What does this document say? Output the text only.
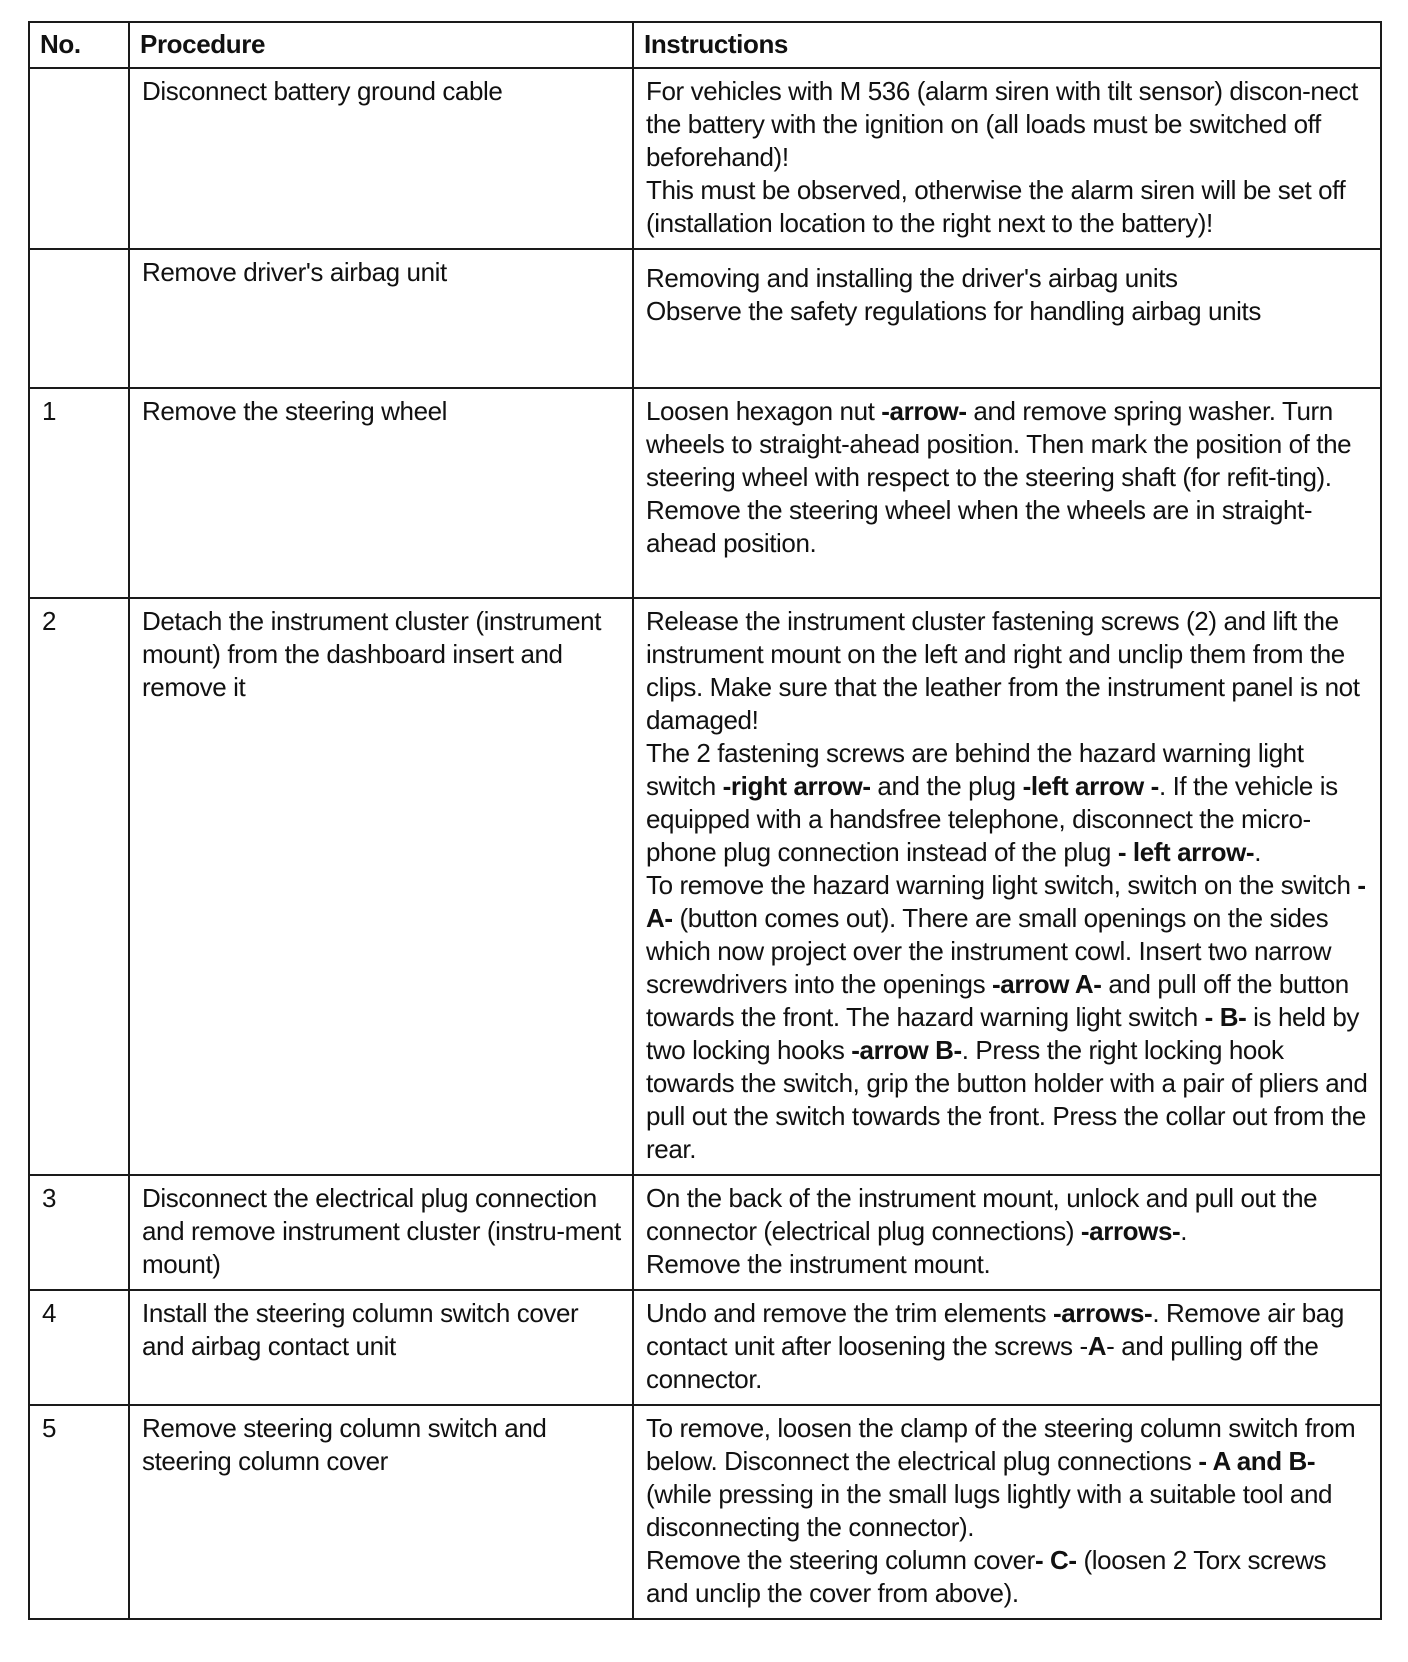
No.	Procedure	Instructions
	Disconnect battery ground cable	For vehicles with M 536 (alarm siren with tilt sensor) discon-nect the battery with the ignition on (all loads must be switched off beforehand)!
This must be observed, otherwise the alarm siren will be set off (installation location to the right next to the battery)!

	Remove driver's airbag unit	Removing and installing the driver's airbag units
Observe the safety regulations for handling airbag units

1	Remove the steering wheel	Loosen hexagon nut -arrow- and remove spring washer. Turn wheels to straight-ahead position. Then mark the position of the steering wheel with respect to the steering shaft (for refit-ting).
Remove the steering wheel when the wheels are in straight-ahead position.

2	Detach the instrument cluster (instrument mount) from the dashboard insert and remove it	Release the instrument cluster fastening screws (2) and lift the instrument mount on the left and right and unclip them from the clips. Make sure that the leather from the instrument panel is not damaged!
The 2 fastening screws are behind the hazard warning light switch -right arrow- and the plug -left arrow -. If the vehicle is equipped with a handsfree telephone, disconnect the micro-phone plug connection instead of the plug - left arrow-.
To remove the hazard warning light switch, switch on the switch -A- (button comes out). There are small openings on the sides which now project over the instrument cowl. Insert two narrow screwdrivers into the openings -arrow A- and pull off the button towards the front. The hazard warning light switch - B- is held by two locking hooks -arrow B-. Press the right locking hook towards the switch, grip the button holder with a pair of pliers and pull out the switch towards the front. Press the collar out from the rear.

3	Disconnect the electrical plug connection and remove instrument cluster (instru-ment mount)	On the back of the instrument mount, unlock and pull out the connector (electrical plug connections) -arrows-.
Remove the instrument mount.

4	Install the steering column switch cover and airbag contact unit	Undo and remove the trim elements -arrows-. Remove air bag contact unit after loosening the screws -A- and pulling off the connector.

5	Remove steering column switch and steering column cover	To remove, loosen the clamp of the steering column switch from below. Disconnect the electrical plug connections - A and B- (while pressing in the small lugs lightly with a suitable tool and disconnecting the connector).
Remove the steering column cover- C- (loosen 2 Torx screws and unclip the cover from above).
